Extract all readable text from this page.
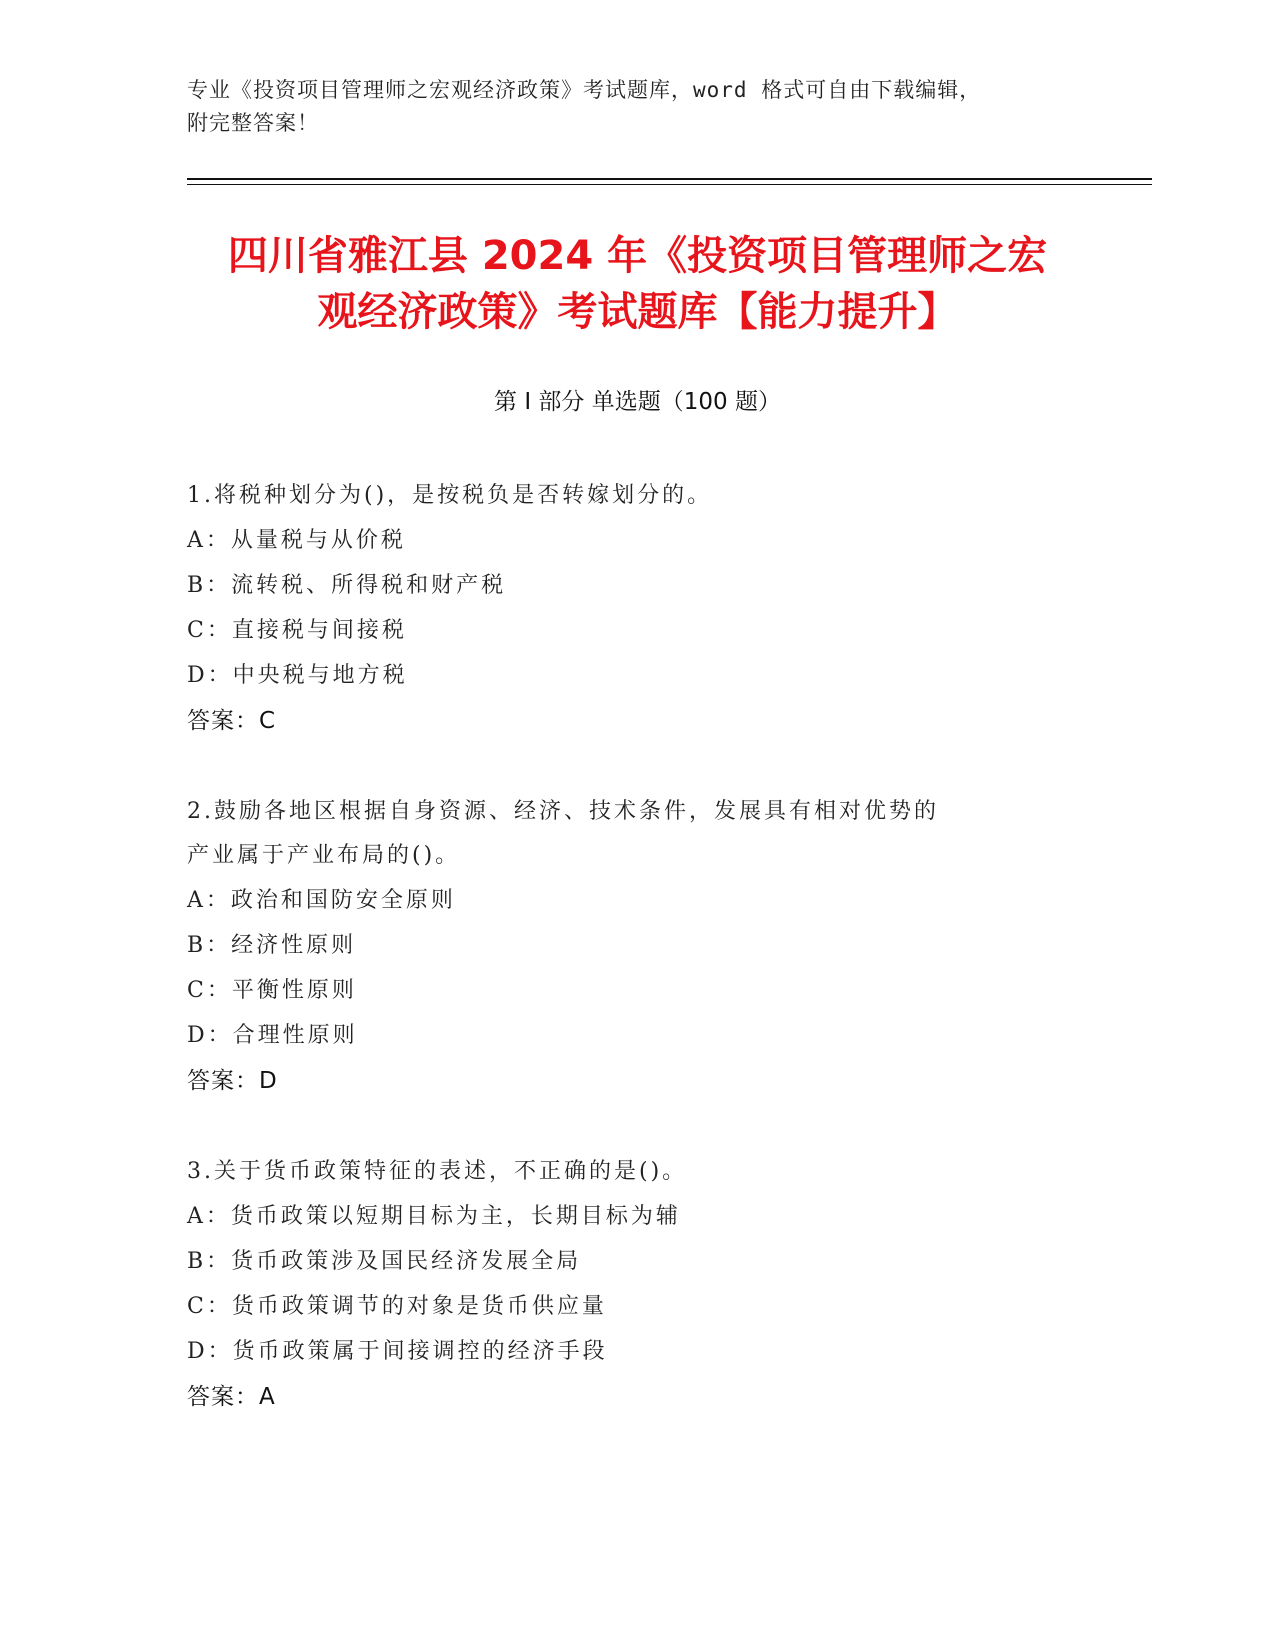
专业《投资项目管理师之宏观经济政策》考试题库，word 格式可自由下载编辑，
附完整答案！
四川省雅江县 2024 年《投资项目管理师之宏
观经济政策》考试题库【能力提升】
第 I 部分 单选题（100 题）
1.将税种划分为()，是按税负是否转嫁划分的。
A：从量税与从价税
B：流转税、所得税和财产税
C：直接税与间接税
D：中央税与地方税
答案：C
2.鼓励各地区根据自身资源、经济、技术条件，发展具有相对优势的
产业属于产业布局的()。
A：政治和国防安全原则
B：经济性原则
C：平衡性原则
D：合理性原则
答案：D
3.关于货币政策特征的表述，不正确的是()。
A：货币政策以短期目标为主，长期目标为辅
B：货币政策涉及国民经济发展全局
C：货币政策调节的对象是货币供应量
D：货币政策属于间接调控的经济手段
答案：A
